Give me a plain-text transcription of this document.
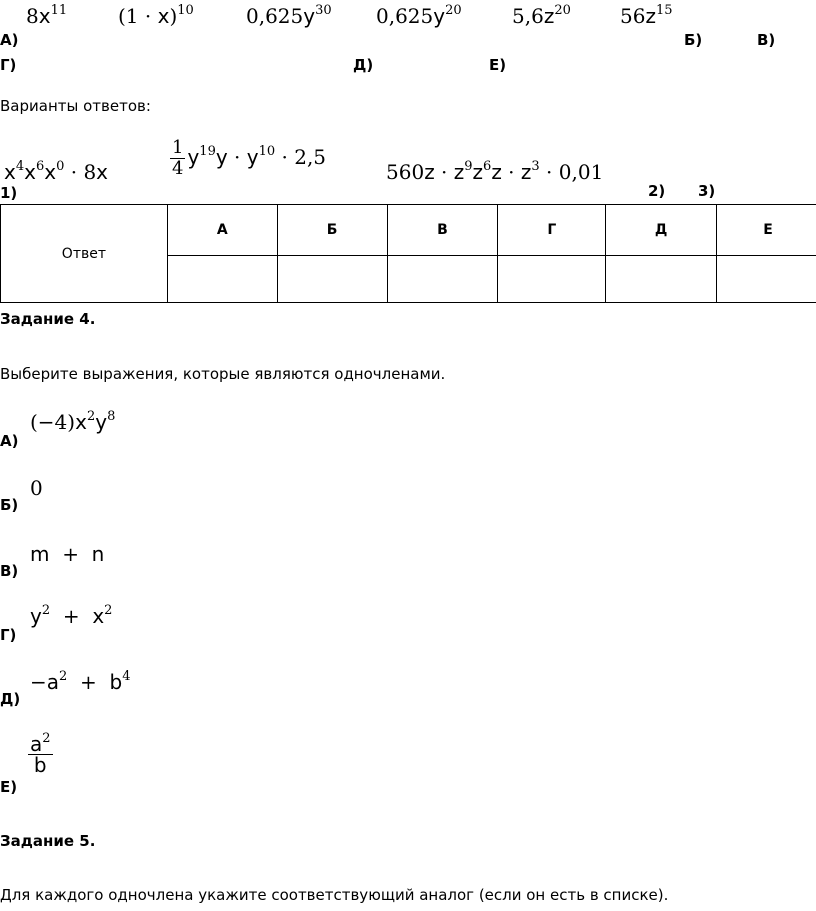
А)
$8x^{11}$	$(1 \cdot x)^{10}$	$0,625y^{30}$ $0,625y^{20}$	$5,6z^{20}$ $56z^{15}$
Б)	В)
Г)	Д)	Е)
Варианты ответов:
$x^4x^6x^0 \cdot 8x$	$\frac{1}{4} y^{19}y \cdot y^{10} \cdot 2,5$
$560z \cdot z^9z^6z \cdot z^3 \cdot 0,01$
1)	2) 3)
Ответ	А	Б	В	Г	Д	Е

Задание 4.
Выберите выражения, которые являются одночленами.
А)
$(-4)x^2y^8$
Б)
0
В)
m  +  n
Г)
$y^2 + x^2$
Д)
$-a^2 + b^4$
Е)
$\frac{a^2}{b}$
Задание 5.
Для каждого одночлена укажите соответствующий аналог (если он есть в списке).
